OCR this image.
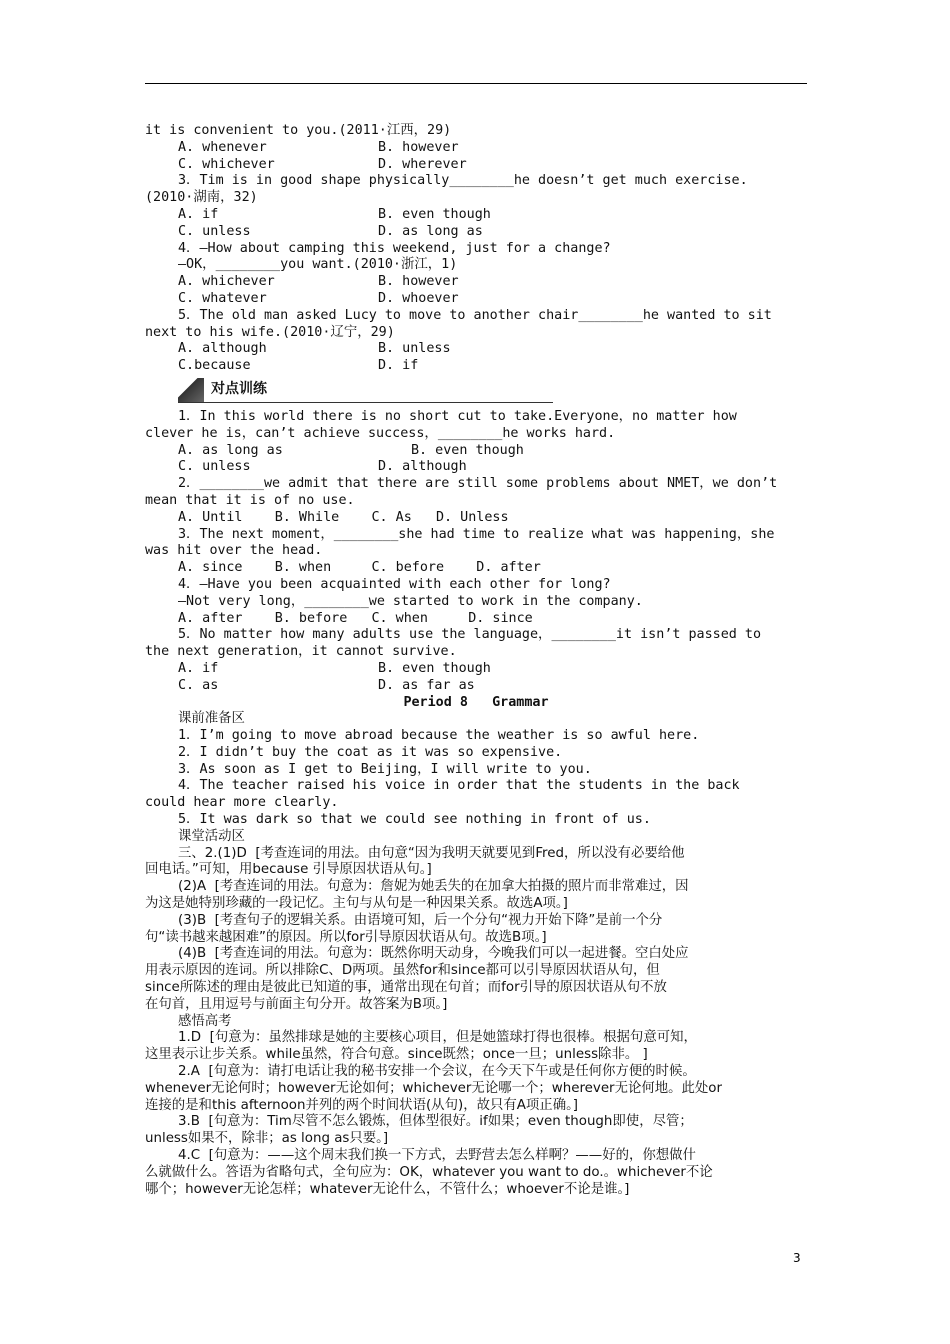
it is convenient to you.(2011·江西，29)
A. whenever	B. however
C. whichever	D. wherever
3．Tim is in good shape physically________he doesn’t get much exercise.
(2010·湖南，32)
A. if	B. even though
C. unless	D. as long as
4．—How about camping this weekend, just for a change?
—OK，________you want.(2010·浙江，1)
A. whichever	B. however
C. whatever	D. whoever
5．The old man asked Lucy to move to another chair________he wanted to sit
next to his wife.(2010·辽宁，29)
A. although	B. unless
C.because	D. if
对点训练
1．In this world there is no short cut to take.Everyone，no matter how
clever he is，can’t achieve success，________he works hard.
A. as long as	B. even though
C. unless	D. although
2．________we admit that there are still some problems about NMET，we don’t
mean that it is of no use.
A. Until    B. While    C. As   D. Unless
3．The next moment，________she had time to realize what was happening，she
was hit over the head.
A. since    B. when     C. before    D. after
4．—Have you been acquainted with each other for long?
—Not very long，________we started to work in the company.
A. after    B. before   C. when     D. since
5．No matter how many adults use the language，________it isn’t passed to
the next generation，it cannot survive.
A. if	B. even though
C. as	D. as far as
Period 8   Grammar
课前准备区
1．I’m going to move abroad because the weather is so awful here.
2．I didn’t buy the coat as it was so expensive.
3．As soon as I get to Beijing，I will write to you.
4．The teacher raised his voice in order that the students in the back
could hear more clearly.
5．It was dark so that we could see nothing in front of us.
课堂活动区
三、2.(1)D  [考查连词的用法。由句意“因为我明天就要见到Fred，所以没有必要给他
回电话。”可知，用because 引导原因状语从句。]
(2)A  [考查连词的用法。句意为：詹妮为她丢失的在加拿大拍摄的照片而非常难过，因
为这是她特别珍藏的一段记忆。主句与从句是一种因果关系。故选A项。]
(3)B  [考查句子的逻辑关系。由语境可知，后一个分句“视力开始下降”是前一个分
句“读书越来越困难”的原因。所以for引导原因状语从句。故选B项。]
(4)B  [考查连词的用法。句意为：既然你明天动身，今晚我们可以一起进餐。空白处应
用表示原因的连词。所以排除C、D两项。虽然for和since都可以引导原因状语从句，但
since所陈述的理由是彼此已知道的事，通常出现在句首；而for引导的原因状语从句不放
在句首，且用逗号与前面主句分开。故答案为B项。]
感悟高考
1.D  [句意为：虽然排球是她的主要核心项目，但是她篮球打得也很棒。根据句意可知，
这里表示让步关系。while虽然，符合句意。since既然；once一旦；unless除非。 ]
2.A  [句意为：请打电话让我的秘书安排一个会议，在今天下午或是任何你方便的时候。
whenever无论何时；however无论如何；whichever无论哪一个；wherever无论何地。此处or
连接的是和this afternoon并列的两个时间状语(从句)，故只有A项正确。]
3.B  [句意为：Tim尽管不怎么锻炼，但体型很好。if如果；even though即使，尽管；
unless如果不，除非；as long as只要。]
4.C  [句意为：——这个周末我们换一下方式，去野营去怎么样啊？——好的，你想做什
么就做什么。答语为省略句式，全句应为：OK，whatever you want to do.。whichever不论
哪个；however无论怎样；whatever无论什么，不管什么；whoever不论是谁。]
3
